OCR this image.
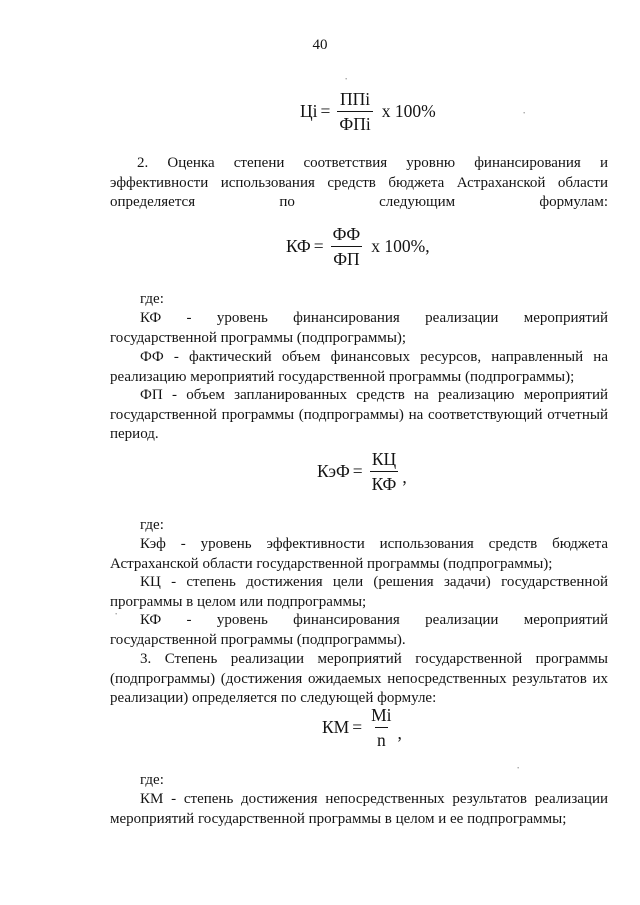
40
Цi = $\frac{\text{ППi}}{\text{ФПi}}$ x 100%

2. Оценка степени соответствия уровню финансирования и эффективности использования средств бюджета Астраханской области определяется по следующим формулам:

КФ = $\frac{ФФ}{ФП}$ x 100%,

где:

КФ - уровень финансирования реализации мероприятий государственной программы (подпрограммы);

ФФ - фактический объем финансовых ресурсов, направленный на реализацию мероприятий государственной программы (подпрограммы);

ФП - объем запланированных средств на реализацию мероприятий государственной программы (подпрограммы) на соответствующий отчетный период.

КэФ = $\frac{КЦ}{КФ}$ ,

где:

Кэф - уровень эффективности использования средств бюджета Астраханской области государственной программы (подпрограммы);

КЦ - степень достижения цели (решения задачи) государственной программы в целом или подпрограммы;

КФ - уровень финансирования реализации мероприятий государственной программы (подпрограммы).

3. Степень реализации мероприятий государственной программы (подпрограммы) (достижения ожидаемых непосредственных результатов их реализации) определяется по следующей формуле:

КМ = $\frac{Mi}{n}$ ,

где:

КМ - степень достижения непосредственных результатов реализации мероприятий государственной программы в целом и ее подпрограммы;

·
·
·
·
